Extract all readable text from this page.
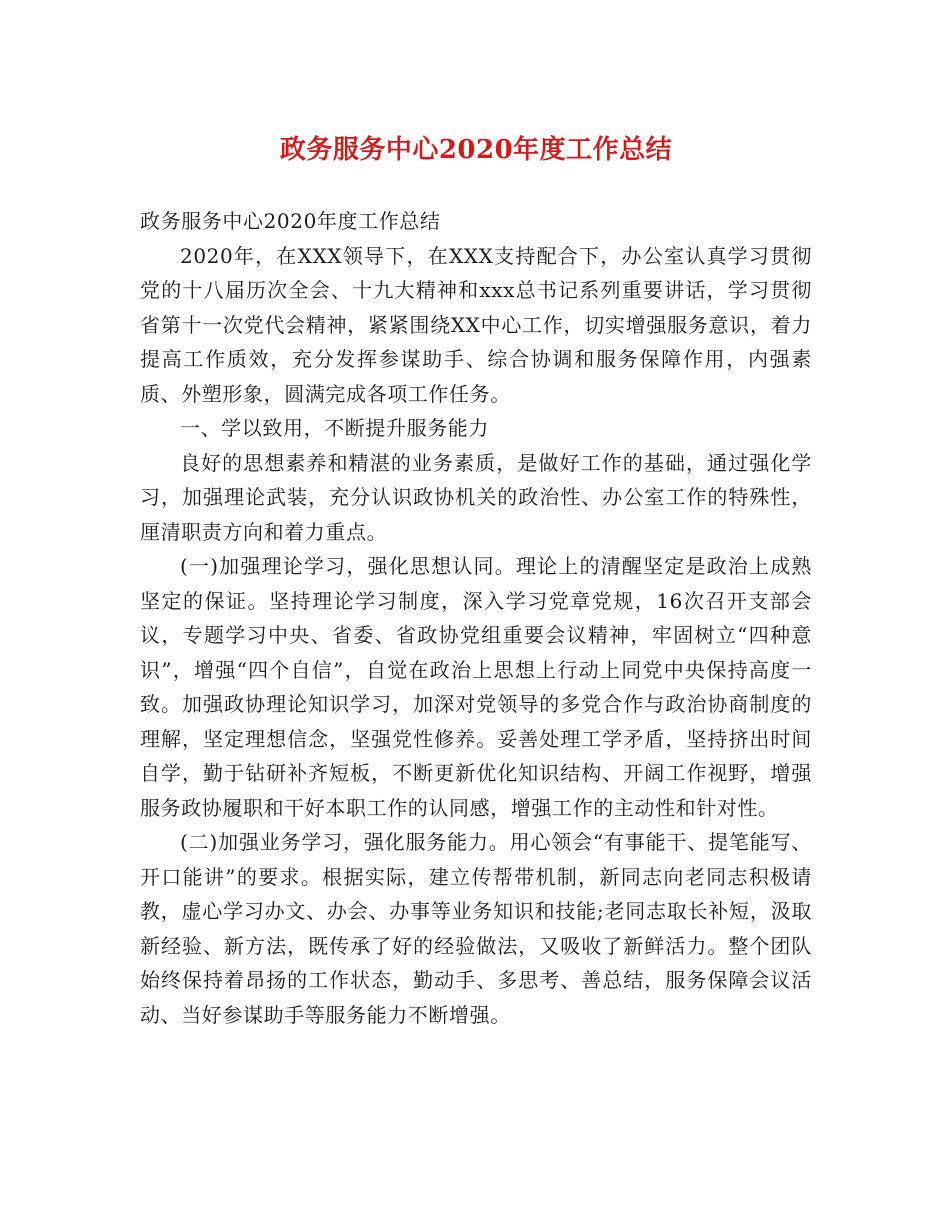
政务服务中心2020年度工作总结

政务服务中心2020年度工作总结

2020年，在XXX领导下，在XXX支持配合下，办公室认真学习贯彻党的十八届历次全会、十九大精神和xxx总书记系列重要讲话，学习贯彻省第十一次党代会精神，紧紧围绕XX中心工作，切实增强服务意识，着力提高工作质效，充分发挥参谋助手、综合协调和服务保障作用，内强素质、外塑形象，圆满完成各项工作任务。

一、学以致用，不断提升服务能力

良好的思想素养和精湛的业务素质，是做好工作的基础，通过强化学习，加强理论武装，充分认识政协机关的政治性、办公室工作的特殊性，厘清职责方向和着力重点。

(一)加强理论学习，强化思想认同。理论上的清醒坚定是政治上成熟坚定的保证。坚持理论学习制度，深入学习党章党规，16次召开支部会议，专题学习中央、省委、省政协党组重要会议精神，牢固树立“四种意识”，增强“四个自信”，自觉在政治上思想上行动上同党中央保持高度一致。加强政协理论知识学习，加深对党领导的多党合作与政治协商制度的理解，坚定理想信念，坚强党性修养。妥善处理工学矛盾，坚持挤出时间自学，勤于钻研补齐短板，不断更新优化知识结构、开阔工作视野，增强服务政协履职和干好本职工作的认同感，增强工作的主动性和针对性。

(二)加强业务学习，强化服务能力。用心领会“有事能干、提笔能写、开口能讲”的要求。根据实际，建立传帮带机制，新同志向老同志积极请教，虚心学习办文、办会、办事等业务知识和技能;老同志取长补短，汲取新经验、新方法，既传承了好的经验做法，又吸收了新鲜活力。整个团队始终保持着昂扬的工作状态，勤动手、多思考、善总结，服务保障会议活动、当好参谋助手等服务能力不断增强。
